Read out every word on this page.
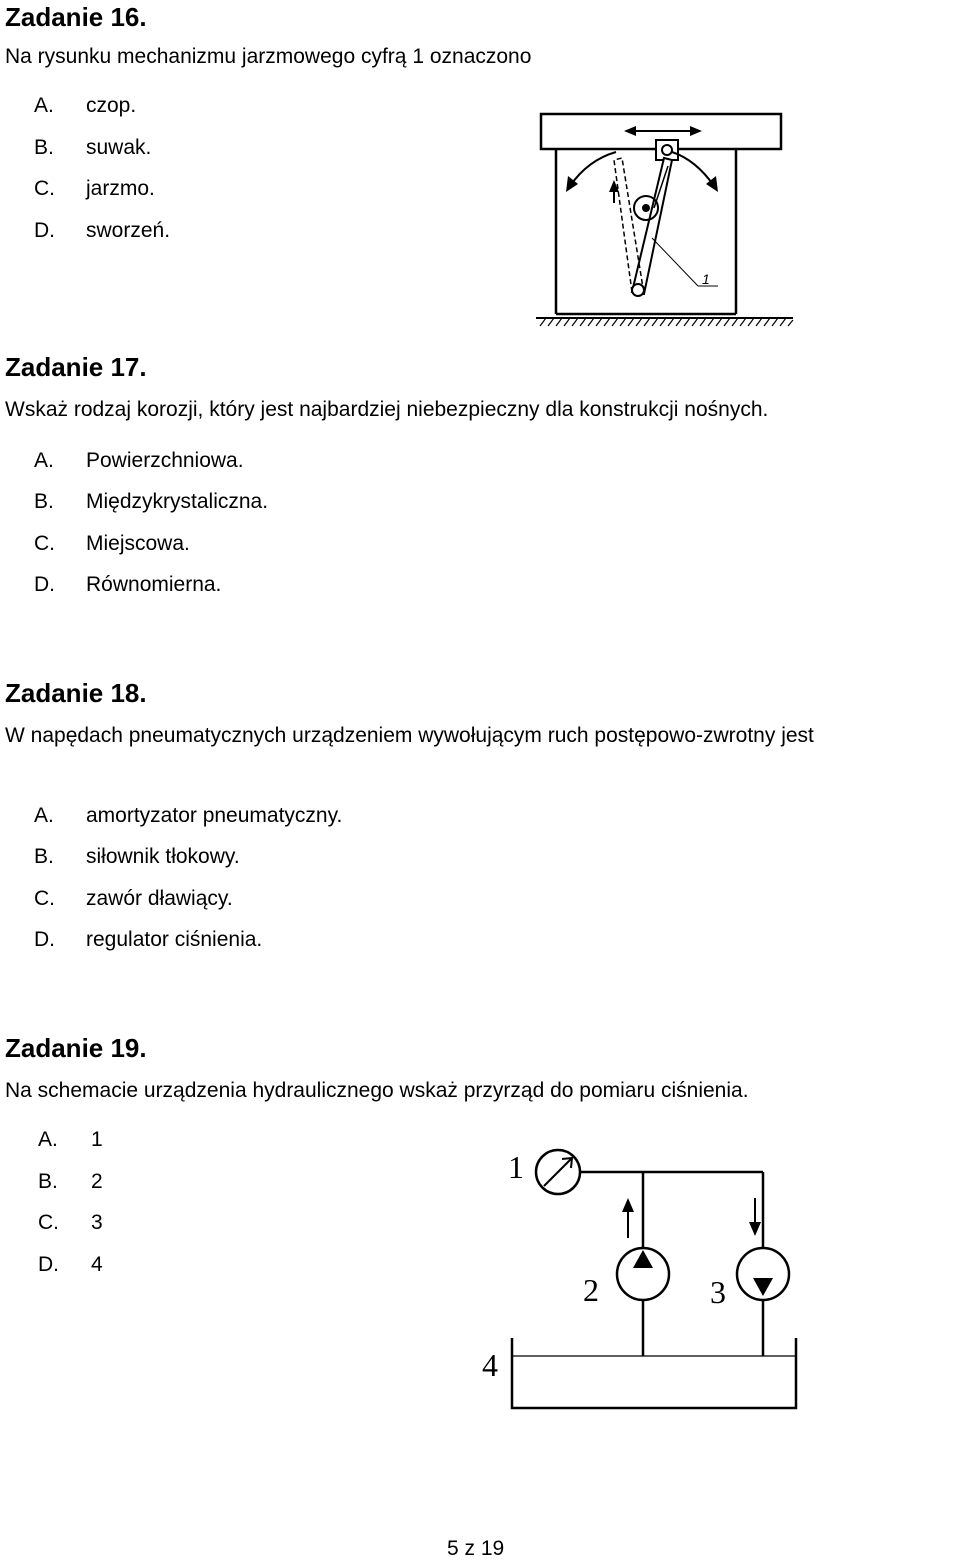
Zadanie 16.
Na rysunku mechanizmu jarzmowego cyfrą 1 oznaczono
A. czop.
B. suwak.
C. jarzmo.
D. sworzeń.
1
Zadanie 17.
Wskaż rodzaj korozji, który jest najbardziej niebezpieczny dla konstrukcji nośnych.
A. Powierzchniowa.
B. Międzykrystaliczna.
C. Miejscowa.
D. Równomierna.
Zadanie 18.
W napędach pneumatycznych urządzeniem wywołującym ruch postępowo-zwrotny jest
A. amortyzator pneumatyczny.
B. siłownik tłokowy.
C. zawór dławiący.
D. regulator ciśnienia.
Zadanie 19.
Na schemacie urządzenia hydraulicznego wskaż przyrząd do pomiaru ciśnienia.
A. 1
B. 2
C. 3
D. 4
1
2	3
4
5 z 19
